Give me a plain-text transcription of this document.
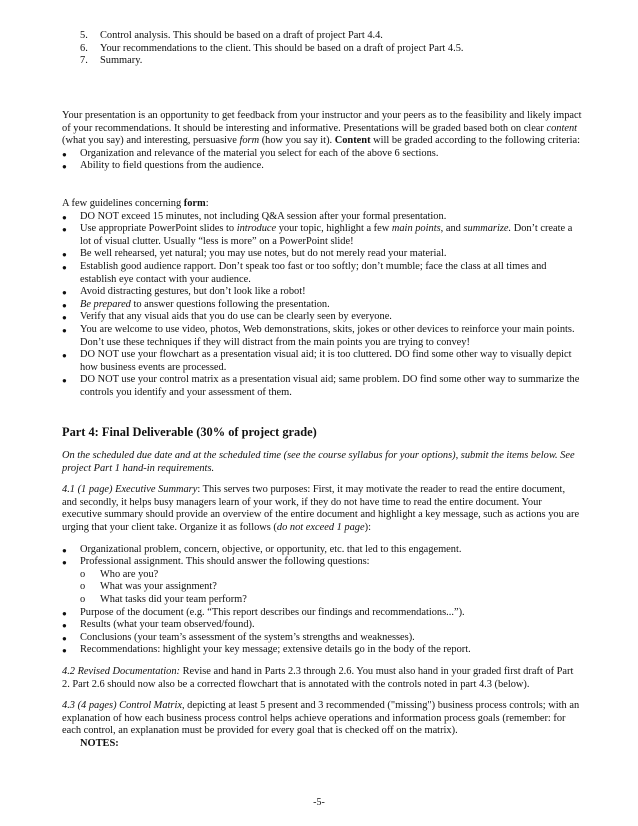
5. Control analysis. This should be based on a draft of project Part 4.4.
6. Your recommendations to the client. This should be based on a draft of project Part 4.5.
7. Summary.
Your presentation is an opportunity to get feedback from your instructor and your peers as to the feasibility and likely impact of your recommendations. It should be interesting and informative. Presentations will be graded based both on clear content (what you say) and interesting, persuasive form (how you say it). Content will be graded according to the following criteria:
● Organization and relevance of the material you select for each of the above 6 sections.
● Ability to field questions from the audience.
A few guidelines concerning form:
● DO NOT exceed 15 minutes, not including Q&A session after your formal presentation.
● Use appropriate PowerPoint slides to introduce your topic, highlight a few main points, and summarize. Don’t create a lot of visual clutter. Usually “less is more” on a PowerPoint slide!
● Be well rehearsed, yet natural; you may use notes, but do not merely read your material.
● Establish good audience rapport. Don’t speak too fast or too softly; don’t mumble; face the class at all times and establish eye contact with your audience.
● Avoid distracting gestures, but don’t look like a robot!
● Be prepared to answer questions following the presentation.
● Verify that any visual aids that you do use can be clearly seen by everyone.
● You are welcome to use video, photos, Web demonstrations, skits, jokes or other devices to reinforce your main points. Don’t use these techniques if they will distract from the main points you are trying to convey!
● DO NOT use your flowchart as a presentation visual aid; it is too cluttered. DO find some other way to visually depict how business events are processed.
● DO NOT use your control matrix as a presentation visual aid; same problem. DO find some other way to summarize the controls you identify and your assessment of them.
Part 4: Final Deliverable (30% of project grade)
On the scheduled due date and at the scheduled time (see the course syllabus for your options), submit the items below. See project Part 1 hand-in requirements.
4.1 (1 page) Executive Summary: This serves two purposes: First, it may motivate the reader to read the entire document, and secondly, it helps busy managers learn of your work, if they do not have time to read the entire document. Your executive summary should provide an overview of the entire document and highlight a key message, such as actions you are urging that your client take. Organize it as follows (do not exceed 1 page):
● Organizational problem, concern, objective, or opportunity, etc. that led to this engagement.
● Professional assignment. This should answer the following questions:
o Who are you?
o What was your assignment?
o What tasks did your team perform?
● Purpose of the document (e.g. “This report describes our findings and recommendations...”).
● Results (what your team observed/found).
● Conclusions (your team’s assessment of the system’s strengths and weaknesses).
● Recommendations: highlight your key message; extensive details go in the body of the report.
4.2 Revised Documentation: Revise and hand in Parts 2.3 through 2.6. You must also hand in your graded first draft of Part 2. Part 2.6 should now also be a corrected flowchart that is annotated with the controls noted in part 4.3 (below).
4.3 (4 pages) Control Matrix, depicting at least 5 present and 3 recommended ("missing") business process controls; with an explanation of how each business process control helps achieve operations and information process goals (remember: for each control, an explanation must be provided for every goal that is checked off on the matrix).
NOTES:
-5-
